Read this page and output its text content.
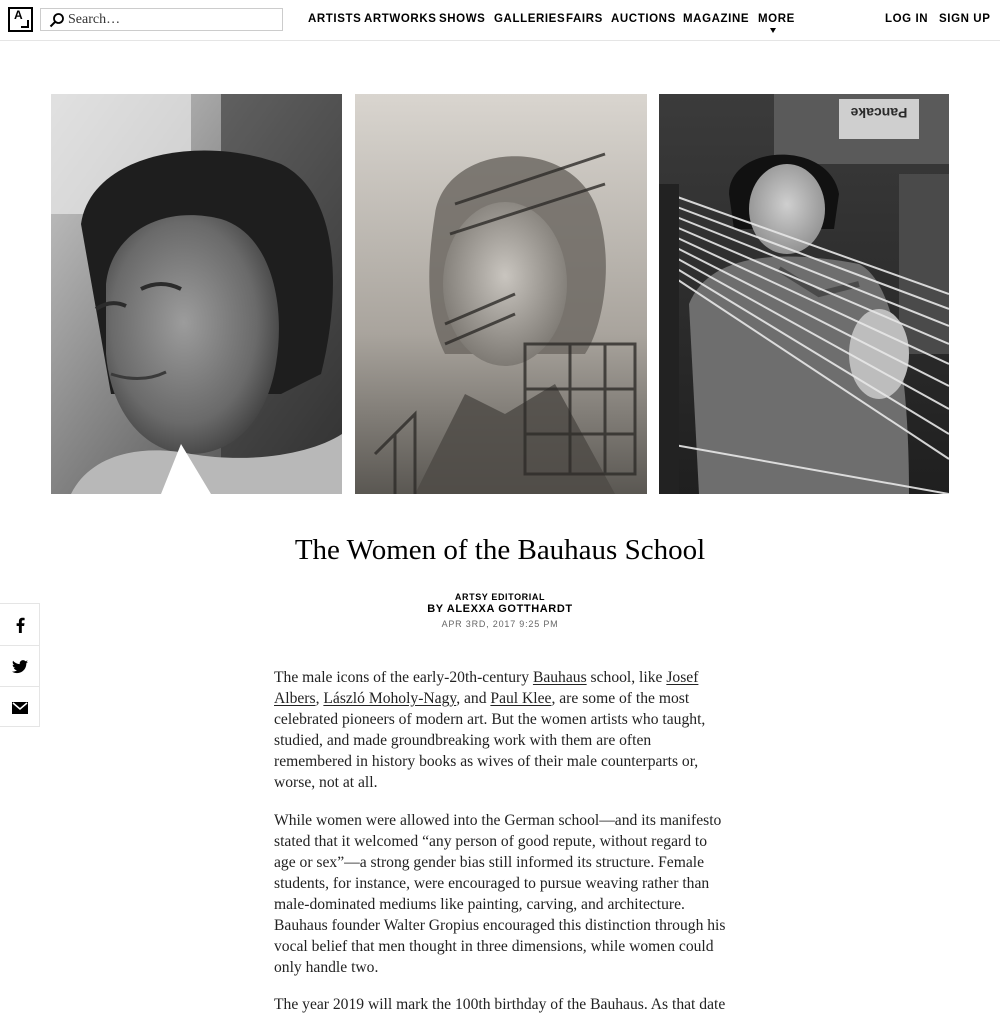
A
Search…	ARTISTS ARTWORKS SHOWS GALLERIES FAIRS AUCTIONS MAGAZINE MORE	LOG IN SIGN UP
Pancake
The Women of the Bauhaus School
ARTSY EDITORIAL
BY ALEXXA GOTTHARDT
APR 3RD, 2017 9:25 PM

The male icons of the early-20th-century Bauhaus school, like Josef Albers, László Moholy-Nagy, and Paul Klee, are some of the most celebrated pioneers of modern art. But the women artists who taught, studied, and made groundbreaking work with them are often remembered in history books as wives of their male counterparts or, worse, not at all.

While women were allowed into the German school—and its manifesto stated that it welcomed “any person of good repute, without regard to age or sex”—a strong gender bias still informed its structure. Female students, for instance, were encouraged to pursue weaving rather than male-dominated mediums like painting, carving, and architecture. Bauhaus founder Walter Gropius encouraged this distinction through his vocal belief that men thought in three dimensions, while women could only handle two.

The year 2019 will mark the 100th birthday of the Bauhaus. As that date
